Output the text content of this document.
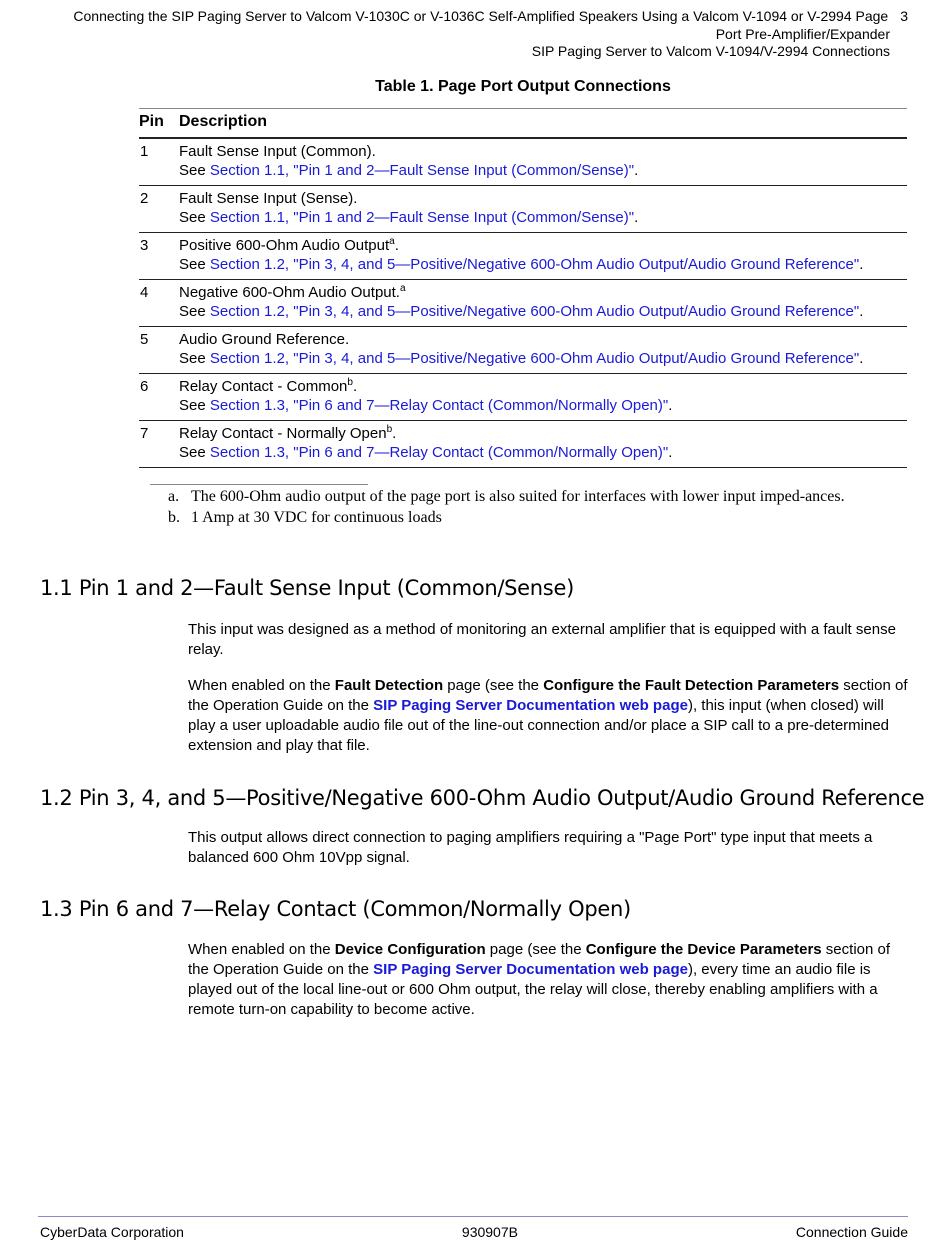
Connecting the SIP Paging Server to Valcom V-1030C or V-1036C Self-Amplified Speakers Using a Valcom V-1094 or V-2994 Page 3
Port Pre-Amplifier/Expander
SIP Paging Server to Valcom V-1094/V-2994 Connections
Table 1. Page Port Output Connections
Pin	Description
1	Fault Sense Input (Common).
See Section 1.1, "Pin 1 and 2—Fault Sense Input (Common/Sense)".
2	Fault Sense Input (Sense).
See Section 1.1, "Pin 1 and 2—Fault Sense Input (Common/Sense)".
3	Positive 600-Ohm Audio Output$^a$.
See Section 1.2, "Pin 3, 4, and 5—Positive/Negative 600-Ohm Audio Output/Audio Ground Reference".
4	Negative 600-Ohm Audio Output.$^a$
See Section 1.2, "Pin 3, 4, and 5—Positive/Negative 600-Ohm Audio Output/Audio Ground Reference".
5	Audio Ground Reference.
See Section 1.2, "Pin 3, 4, and 5—Positive/Negative 600-Ohm Audio Output/Audio Ground Reference".
6	Relay Contact - Common$^b$.
See Section 1.3, "Pin 6 and 7—Relay Contact (Common/Normally Open)".
7	Relay Contact - Normally Open$^b$.
See Section 1.3, "Pin 6 and 7—Relay Contact (Common/Normally Open)".
a. The 600-Ohm audio output of the page port is also suited for interfaces with lower input imped-ances.
b. 1 Amp at 30 VDC for continuous loads
1.1 Pin 1 and 2—Fault Sense Input (Common/Sense)
This input was designed as a method of monitoring an external amplifier that is equipped with a fault sense relay.
When enabled on the Fault Detection page (see the Configure the Fault Detection Parameters section of the Operation Guide on the SIP Paging Server Documentation web page), this input (when closed) will play a user uploadable audio file out of the line-out connection and/or place a SIP call to a pre-determined extension and play that file.
1.2 Pin 3, 4, and 5—Positive/Negative 600-Ohm Audio Output/Audio Ground Reference
This output allows direct connection to paging amplifiers requiring a "Page Port" type input that meets a balanced 600 Ohm 10Vpp signal.
1.3 Pin 6 and 7—Relay Contact (Common/Normally Open)
When enabled on the Device Configuration page (see the Configure the Device Parameters section of the Operation Guide on the SIP Paging Server Documentation web page), every time an audio file is played out of the local line-out or 600 Ohm output, the relay will close, thereby enabling amplifiers with a remote turn-on capability to become active.
CyberData Corporation	930907B	Connection Guide
